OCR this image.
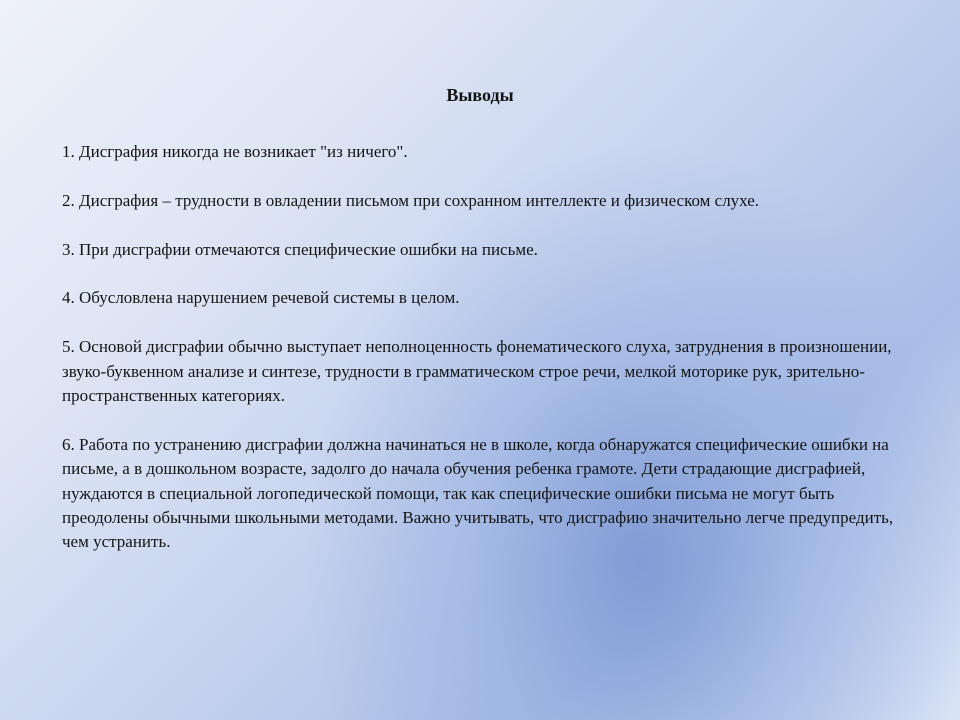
Выводы

1. Дисграфия никогда не возникает "из ничего".

2. Дисграфия – трудности в овладении письмом при сохранном интеллекте и физическом слухе.

3. При дисграфии отмечаются специфические ошибки на письме.

4. Обусловлена нарушением речевой системы в целом.

5. Основой дисграфии обычно выступает неполноценность фонематического слуха, затруднения в произношении, звуко-буквенном анализе и синтезе, трудности в грамматическом строе речи, мелкой моторике рук, зрительно-пространственных категориях.

6. Работа по устранению дисграфии должна начинаться не в школе, когда обнаружатся специфические ошибки на письме, а в дошкольном возрасте, задолго до начала обучения ребенка грамоте. Дети страдающие дисграфией, нуждаются в специальной логопедической помощи, так как специфические ошибки письма не могут быть преодолены обычными школьными методами. Важно учитывать, что дисграфию значительно легче предупредить, чем устранить.
